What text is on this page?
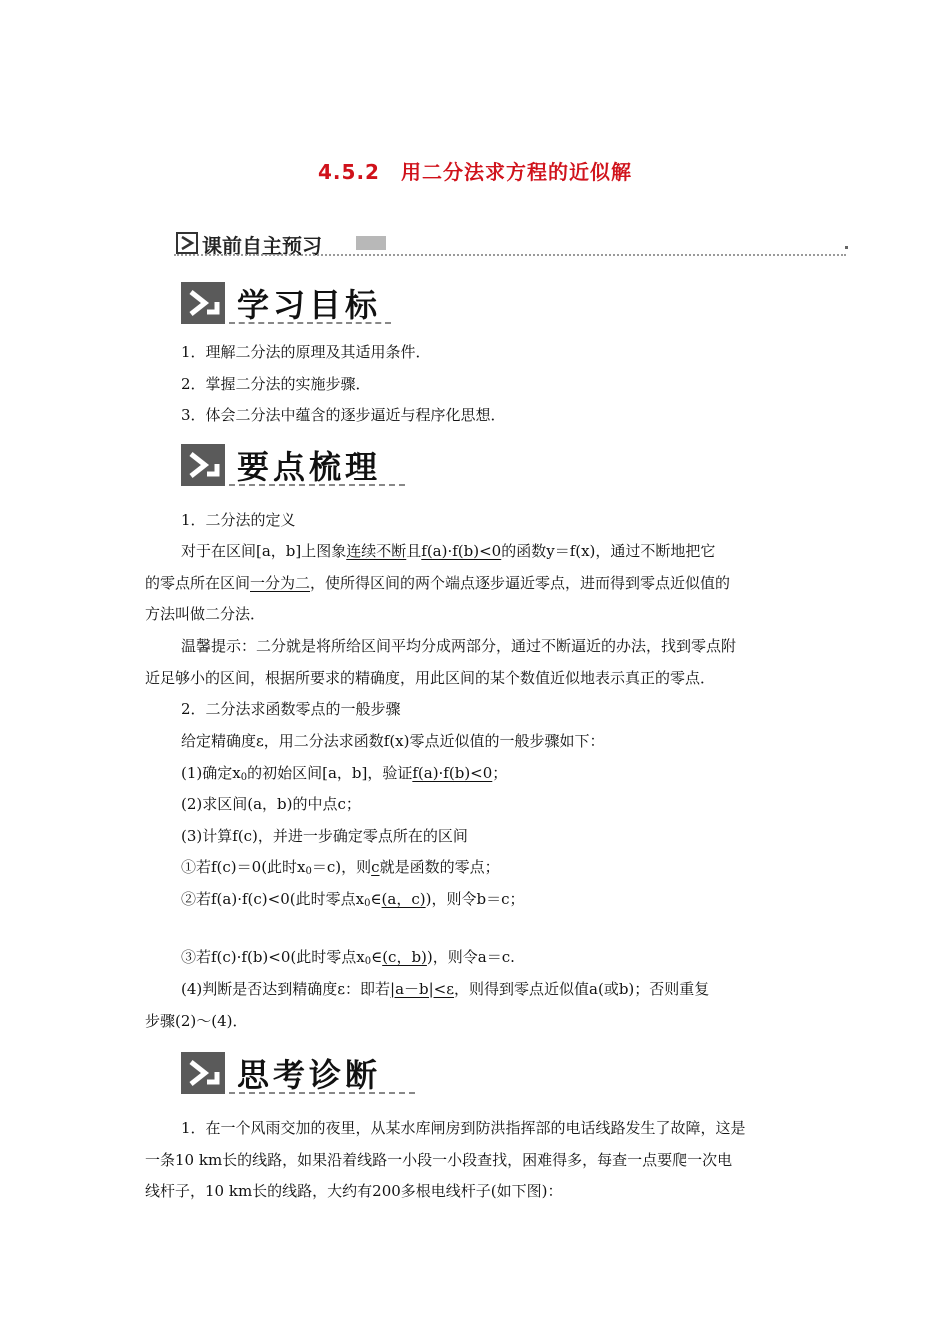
4.5.2　用二分法求方程的近似解
课前自主预习
学习目标
1．理解二分法的原理及其适用条件．
2．掌握二分法的实施步骤．
3．体会二分法中蕴含的逐步逼近与程序化思想．
要点梳理
1．二分法的定义
对于在区间[a，b]上图象连续不断且f(a)·f(b)<0的函数y＝f(x)，通过不断地把它
的零点所在区间一分为二，使所得区间的两个端点逐步逼近零点，进而得到零点近似值的
方法叫做二分法．
温馨提示：二分就是将所给区间平均分成两部分，通过不断逼近的办法，找到零点附
近足够小的区间，根据所要求的精确度，用此区间的某个数值近似地表示真正的零点．
2．二分法求函数零点的一般步骤
给定精确度ε，用二分法求函数f(x)零点近似值的一般步骤如下：
(1)确定$x_0$的初始区间[a，b]，验证f(a)·f(b)<0；
(2)求区间(a，b)的中点c；
(3)计算f(c)，并进一步确定零点所在的区间
①若f(c)＝0(此时$x_0=c$)，则c就是函数的零点；
②若f(a)·f(c)<0(此时零点$x_0\in(a$，c))，则令b＝c；
③若f(c)·f(b)<0(此时零点$x_0\in(c$，b))，则令a＝c.
(4)判断是否达到精确度ε：即若|a－b|<ε，则得到零点近似值a(或b)；否则重复
步骤(2)～(4)．
思考诊断
1．在一个风雨交加的夜里，从某水库闸房到防洪指挥部的电话线路发生了故障，这是
一条10 km长的线路，如果沿着线路一小段一小段查找，困难得多，每查一点要爬一次电
线杆子，10 km长的线路，大约有200多根电线杆子(如下图)：
